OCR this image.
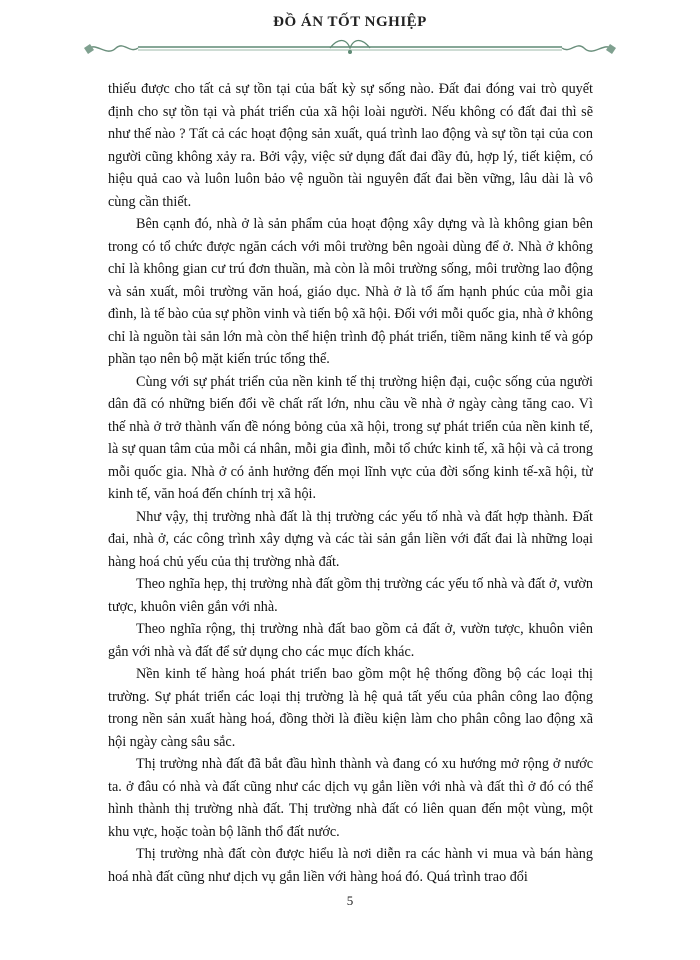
ĐỒ ÁN TỐT NGHIỆP

thiếu được cho tất cả sự tồn tại của bất kỳ sự sống nào. Đất đai đóng vai trò quyết định cho sự tồn tại và phát triển của xã hội loài người. Nếu không có đất đai thì sẽ như thế nào ? Tất cả các hoạt động sản xuất, quá trình lao động và sự tồn tại của con người cũng không xảy ra. Bởi vậy, việc sử dụng đất đai đầy đủ, hợp lý, tiết kiệm, có hiệu quả cao và luôn luôn bảo vệ nguồn tài nguyên đất đai bền vững, lâu dài là vô cùng cần thiết.

Bên cạnh đó, nhà ở là sản phẩm của hoạt động xây dựng và là không gian bên trong có tổ chức được ngăn cách với môi trường bên ngoài dùng để ở. Nhà ở không chỉ là không gian cư trú đơn thuần, mà còn là môi trường sống, môi trường lao động và sản xuất, môi trường văn hoá, giáo dục. Nhà ở là tổ ấm hạnh phúc của mỗi gia đình, là tế bào của sự phồn vinh và tiến bộ xã hội. Đối với mỗi quốc gia, nhà ở không chỉ là nguồn tài sản lớn mà còn thể hiện trình độ phát triển, tiềm năng kinh tế và góp phần tạo nên bộ mặt kiến trúc tổng thể.

Cùng với sự phát triển của nền kinh tế thị trường hiện đại, cuộc sống của người dân đã có những biến đổi về chất rất lớn, nhu cầu về nhà ở ngày càng tăng cao. Vì thế nhà ở trở thành vấn đề nóng bỏng của xã hội, trong sự phát triển của nền kinh tế, là sự quan tâm của mỗi cá nhân, mỗi gia đình, mỗi tổ chức kinh tế, xã hội và cả trong mỗi quốc gia. Nhà ở có ảnh hưởng đến mọi lĩnh vực của đời sống kinh tế-xã hội, từ kinh tế, văn hoá đến chính trị xã hội.

Như vậy, thị trường nhà đất là thị trường các yếu tố nhà và đất hợp thành. Đất đai, nhà ở, các công trình xây dựng và các tài sản gắn liền với đất đai là những loại hàng hoá chủ yếu của thị trường nhà đất.

Theo nghĩa hẹp, thị trường nhà đất gồm thị trường các yếu tố nhà và đất ở, vườn tược, khuôn viên gắn với nhà.

Theo nghĩa rộng, thị trường nhà đất bao gồm cả đất ở, vườn tược, khuôn viên gắn với nhà và đất để sử dụng cho các mục đích khác.

Nền kinh tế hàng hoá phát triển bao gồm một hệ thống đồng bộ các loại thị trường. Sự phát triển các loại thị trường là hệ quả tất yếu của phân công lao động trong nền sản xuất hàng hoá, đồng thời là điều kiện làm cho phân công lao động xã hội ngày càng sâu sắc.

Thị trường nhà đất đã bắt đầu hình thành và đang có xu hướng mở rộng ở nước ta. ở đâu có nhà và đất cũng như các dịch vụ gắn liền với nhà và đất thì ở đó có thể hình thành thị trường nhà đất. Thị trường nhà đất có liên quan đến một vùng, một khu vực, hoặc toàn bộ lãnh thổ đất nước.

Thị trường nhà đất còn được hiểu là nơi diễn ra các hành vi mua và bán hàng hoá nhà đất cũng như dịch vụ gắn liền với hàng hoá đó. Quá trình trao đổi

5
